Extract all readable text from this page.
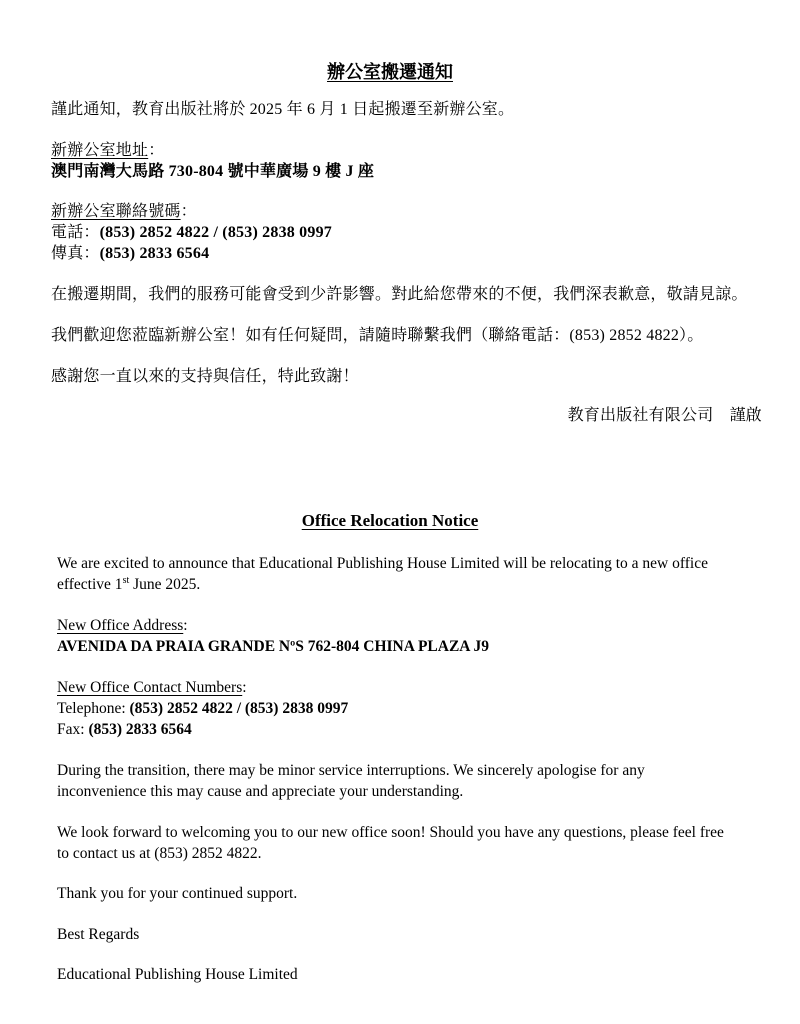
辦公室搬遷通知
謹此通知，教育出版社將於 2025 年 6 月 1 日起搬遷至新辦公室。
新辦公室地址：
澳門南灣大馬路 730-804 號中華廣場 9 樓 J 座
新辦公室聯絡號碼：
電話：(853) 2852 4822 / (853) 2838 0997
傳真：(853) 2833 6564
在搬遷期間，我們的服務可能會受到少許影響。對此給您帶來的不便，我們深表歉意，敬請見諒。
我們歡迎您蒞臨新辦公室！如有任何疑問，請隨時聯繫我們（聯絡電話：(853) 2852 4822）。
感謝您一直以來的支持與信任，特此致謝！
教育出版社有限公司　謹啟
Office Relocation Notice
We are excited to announce that Educational Publishing House Limited will be relocating to a new office
effective 1st June 2025.
New Office Address:
AVENIDA DA PRAIA GRANDE NºS 762-804 CHINA PLAZA J9
New Office Contact Numbers:
Telephone: (853) 2852 4822 / (853) 2838 0997
Fax: (853) 2833 6564
During the transition, there may be minor service interruptions. We sincerely apologise for any
inconvenience this may cause and appreciate your understanding.
We look forward to welcoming you to our new office soon! Should you have any questions, please feel free
to contact us at (853) 2852 4822.
Thank you for your continued support.
Best Regards
Educational Publishing House Limited
